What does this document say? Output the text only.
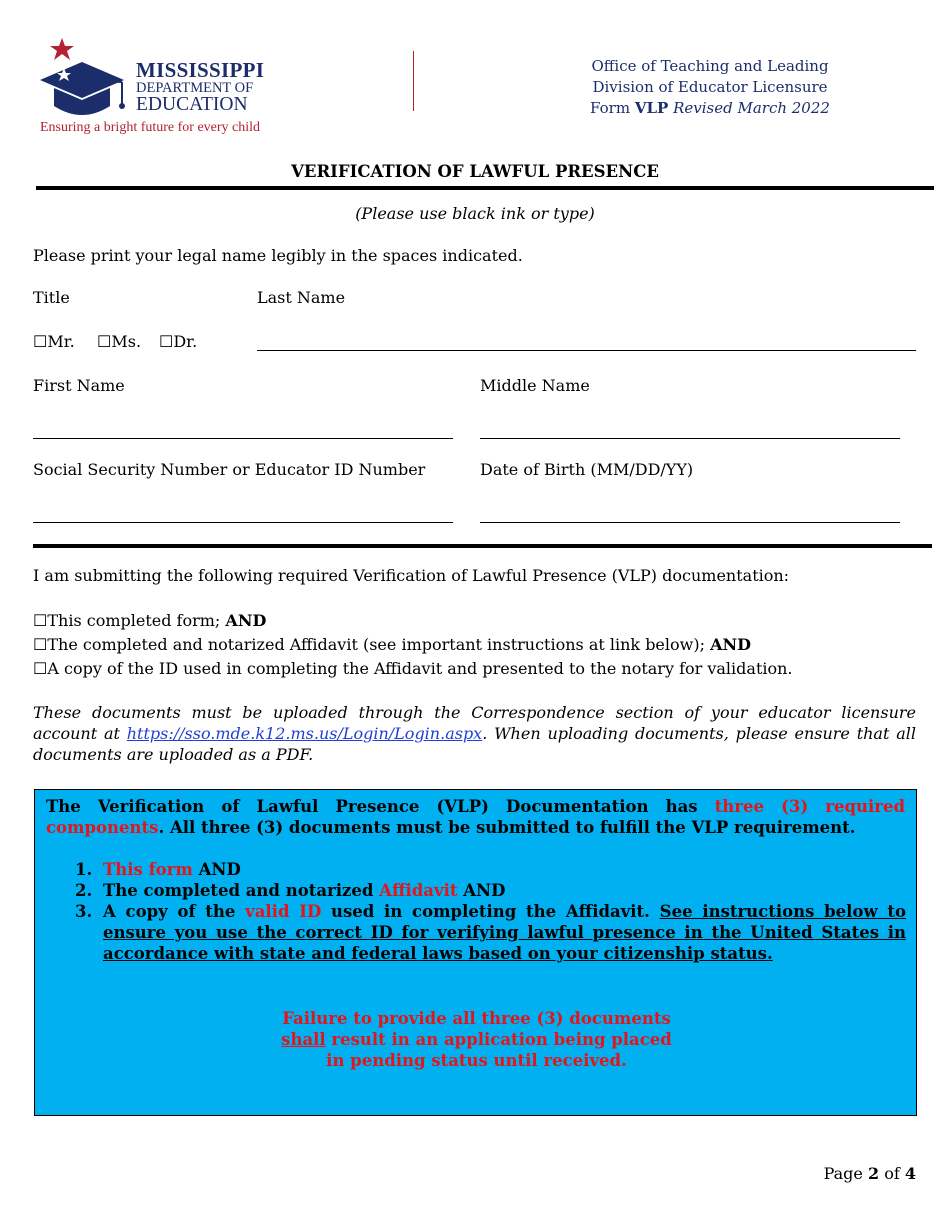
MISSISSIPPI
DEPARTMENT OF
EDUCATION
Ensuring a bright future for every child
Office of Teaching and Leading
Division of Educator Licensure
Form VLP Revised March 2022
VERIFICATION OF LAWFUL PRESENCE
(Please use black ink or type)
Please print your legal name legibly in the spaces indicated.
Title	Last Name
☐Mr. ☐Ms. ☐Dr.
First Name	Middle Name
Social Security Number or Educator ID Number	Date of Birth (MM/DD/YY)
I am submitting the following required Verification of Lawful Presence (VLP) documentation:
☐This completed form; AND
☐The completed and notarized Affidavit (see important instructions at link below); AND
☐A copy of the ID used in completing the Affidavit and presented to the notary for validation.
These documents must be uploaded through the Correspondence section of your educator licensure account at https://sso.mde.k12.ms.us/Login/Login.aspx. When uploading documents, please ensure that all documents are uploaded as a PDF.
The Verification of Lawful Presence (VLP) Documentation has three (3) required components. All three (3) documents must be submitted to fulfill the VLP requirement.
1. This form AND
2. The completed and notarized Affidavit AND
3. A copy of the valid ID used in completing the Affidavit. See instructions below to ensure you use the correct ID for verifying lawful presence in the United States in accordance with state and federal laws based on your citizenship status.
Failure to provide all three (3) documents
shall result in an application being placed
in pending status until received.
Page 2 of 4
